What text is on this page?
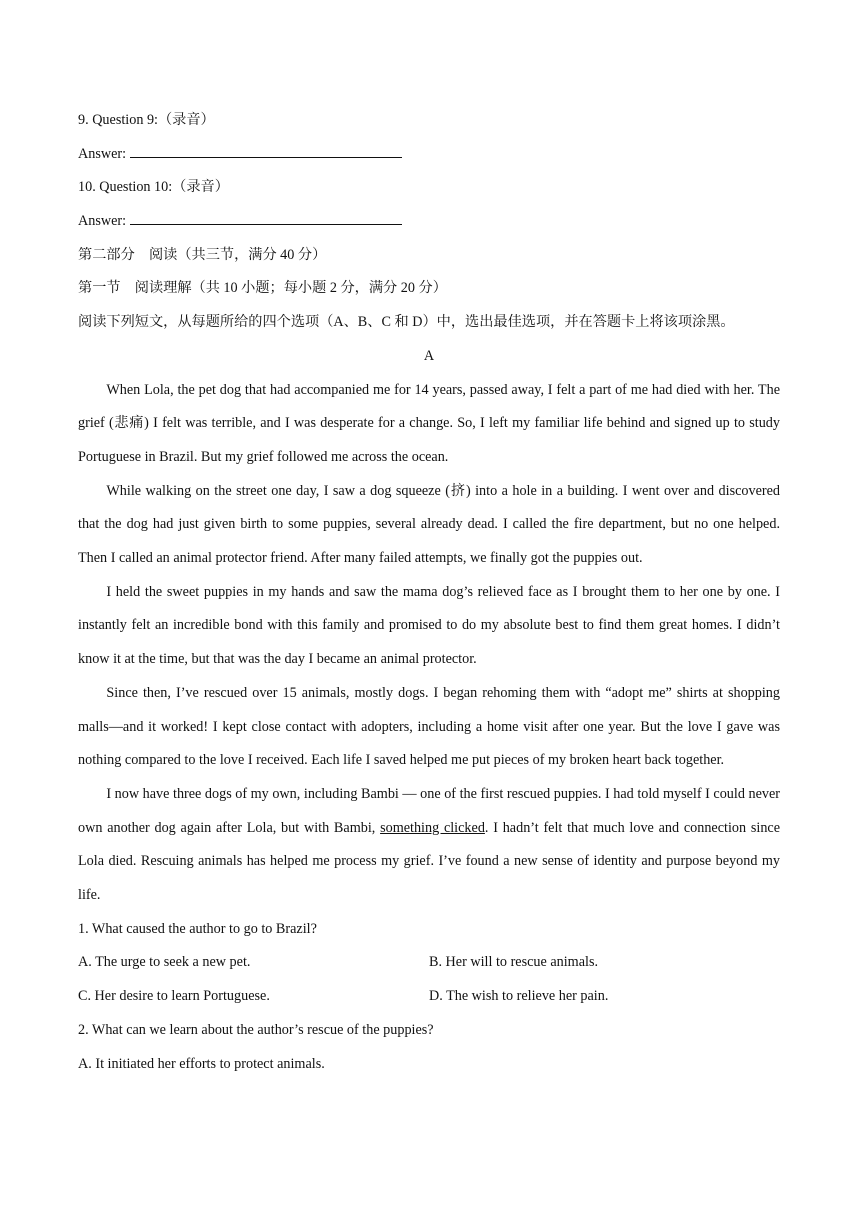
9. Question 9:（录音）
Answer:
10. Question 10:（录音）
Answer:
第二部分　阅读（共三节，满分 40 分）
第一节　阅读理解（共 10 小题；每小题 2 分，满分 20 分）
阅读下列短文，从每题所给的四个选项（A、B、C 和 D）中，选出最佳选项，并在答题卡上将该项涂黑。
A

When Lola, the pet dog that had accompanied me for 14 years, passed away, I felt a part of me had died with her. The grief (悲痛) I felt was terrible, and I was desperate for a change. So, I left my familiar life behind and signed up to study Portuguese in Brazil. But my grief followed me across the ocean.

While walking on the street one day, I saw a dog squeeze (挤) into a hole in a building. I went over and discovered that the dog had just given birth to some puppies, several already dead. I called the fire department, but no one helped. Then I called an animal protector friend. After many failed attempts, we finally got the puppies out.

I held the sweet puppies in my hands and saw the mama dog’s relieved face as I brought them to her one by one. I instantly felt an incredible bond with this family and promised to do my absolute best to find them great homes. I didn’t know it at the time, but that was the day I became an animal protector.

Since then, I’ve rescued over 15 animals, mostly dogs. I began rehoming them with “adopt me” shirts at shopping malls—and it worked! I kept close contact with adopters, including a home visit after one year. But the love I gave was nothing compared to the love I received. Each life I saved helped me put pieces of my broken heart back together.

I now have three dogs of my own, including Bambi — one of the first rescued puppies. I had told myself I could never own another dog again after Lola, but with Bambi, something clicked. I hadn’t felt that much love and connection since Lola died. Rescuing animals has helped me process my grief. I’ve found a new sense of identity and purpose beyond my life.

1. What caused the author to go to Brazil?
A. The urge to seek a new pet.	B. Her will to rescue animals.
C. Her desire to learn Portuguese.	D. The wish to relieve her pain.
2. What can we learn about the author’s rescue of the puppies?
A. It initiated her efforts to protect animals.
